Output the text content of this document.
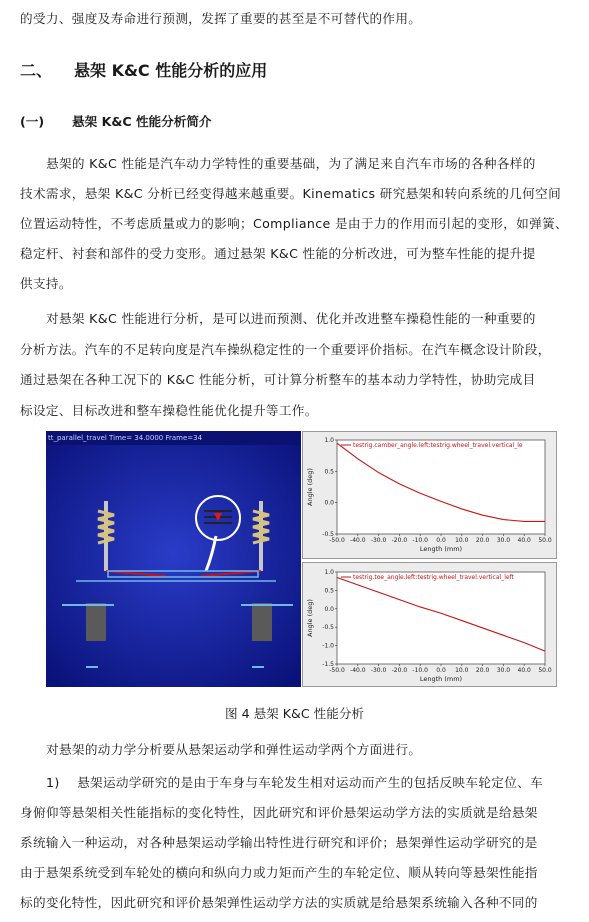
的受力、强度及寿命进行预测，发挥了重要的甚至是不可替代的作用。
二、 悬架 K&C 性能分析的应用
(一) 悬架 K&C 性能分析简介
悬架的 K&C 性能是汽车动力学特性的重要基础，为了满足来自汽车市场的各种各样的
技术需求，悬架 K&C 分析已经变得越来越重要。Kinematics 研究悬架和转向系统的几何空间
位置运动特性，不考虑质量或力的影响；Compliance 是由于力的作用而引起的变形，如弹簧、
稳定杆、衬套和部件的受力变形。通过悬架 K&C 性能的分析改进，可为整车性能的提升提
供支持。
对悬架 K&C 性能进行分析，是可以进而预测、优化并改进整车操稳性能的一种重要的
分析方法。汽车的不足转向度是汽车操纵稳定性的一个重要评价指标。在汽车概念设计阶段，
通过悬架在各种工况下的 K&C 性能分析，可计算分析整车的基本动力学特性，协助完成目
标设定、目标改进和整车操稳性能优化提升等工作。
tt_parallel_travel Time= 34.0000 Frame=34
-50.0 -40.0 -30.0 -20.0 -10.0 0.0 10.0 20.0 30.0 40.0 50.0
1.0
0.5
0.0
-0.5
Length (mm)
Angle (deg)
testrig.camber_angle.left:testrig.wheel_travel.vertical_le
-50.0 -40.0 -30.0 -20.0 -10.0 0.0 10.0 20.0 30.0 40.0 50.0
1.0
0.5
0.0
-0.5
-1.0
-1.5
Length (mm)
Angle (deg)
testrig.toe_angle.left:testrig.wheel_travel.vertical_left
图 4 悬架 K&C 性能分析
对悬架的动力学分析要从悬架运动学和弹性运动学两个方面进行。
1) 悬架运动学研究的是由于车身与车轮发生相对运动而产生的包括反映车轮定位、车
身俯仰等悬架相关性能指标的变化特性，因此研究和评价悬架运动学方法的实质就是给悬架
系统输入一种运动，对各种悬架运动学输出特性进行研究和评价；悬架弹性运动学研究的是
由于悬架系统受到车轮处的横向和纵向力或力矩而产生的车轮定位、顺从转向等悬架性能指
标的变化特性，因此研究和评价悬架弹性运动学方法的实质就是给悬架系统输入各种不同的
